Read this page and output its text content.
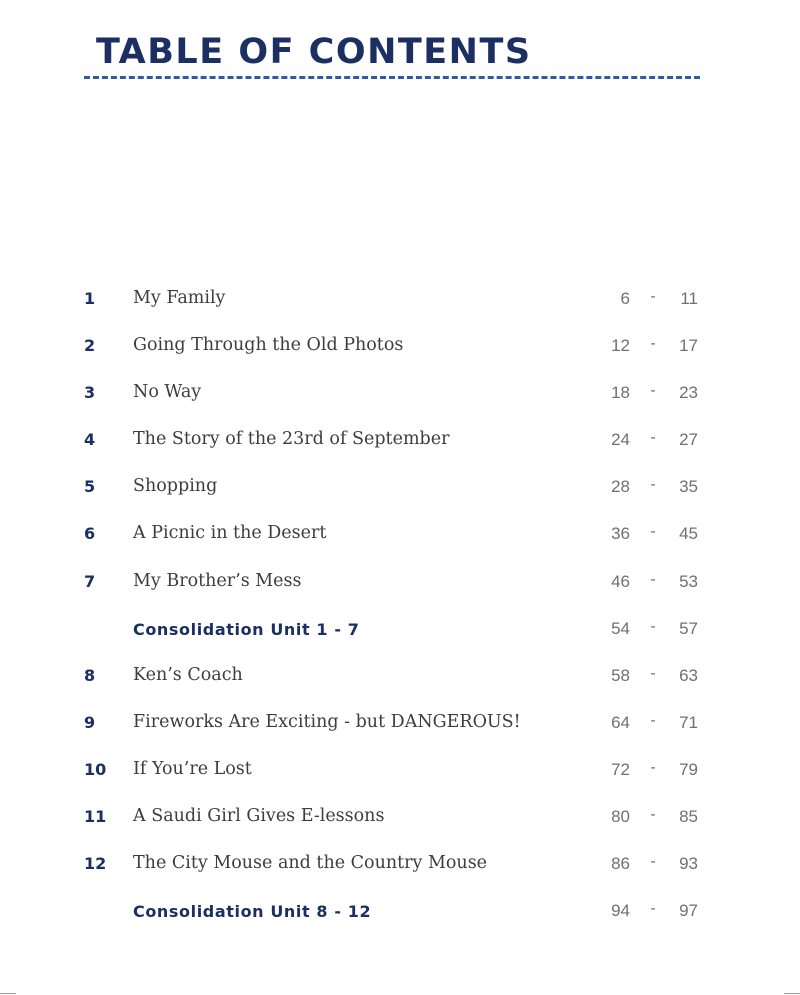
TABLE OF CONTENTS
1 My Family	6 -	11
2 Going Through the Old Photos	12 -	17
3 No Way	18 -	23
4 The Story of the 23rd of September	24 -	27
5 Shopping	28 -	35
6 A Picnic in the Desert	36 -	45
7 My Brother’s Mess	46 -	53
Consolidation Unit 1 - 7	54 -	57
8 Ken’s Coach	58 -	63
9 Fireworks Are Exciting - but DANGEROUS!	64 -	71
10 If You’re Lost	72 -	79
11 A Saudi Girl Gives E-lessons	80 -	85
12 The City Mouse and the Country Mouse	86 -	93
Consolidation Unit 8 - 12	94 -	97
